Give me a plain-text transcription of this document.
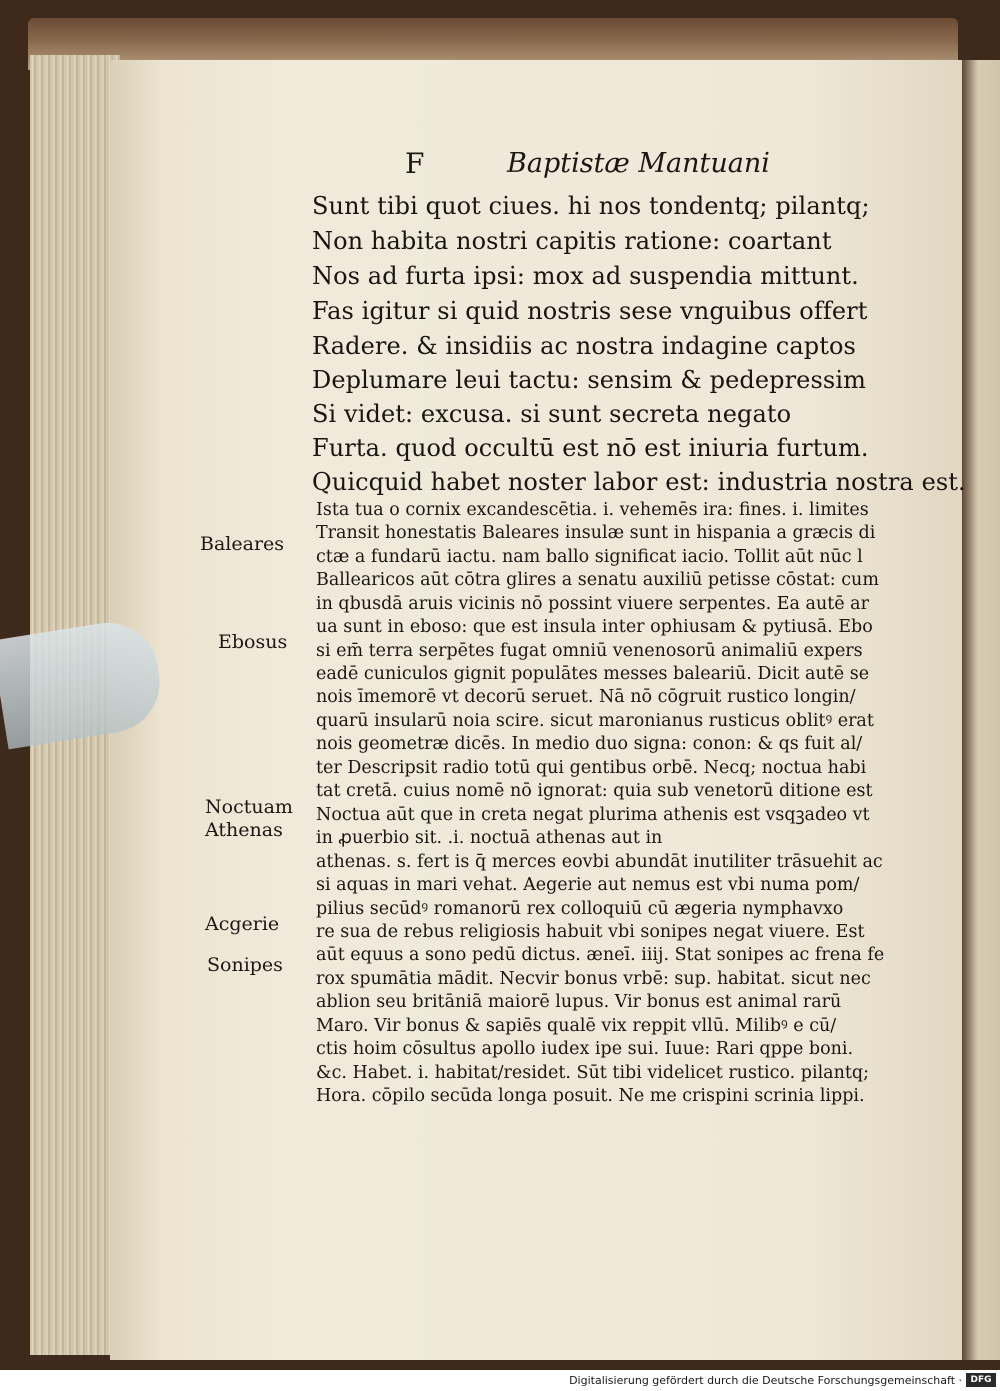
F	Baptistæ Mantuani
Sunt tibi quot ciues. hi nos tondentq; pilantq;
Non habita nostri capitis ratione: coartant
Nos ad furta ipsi: mox ad suspendia mittunt.
Fas igitur si quid nostris sese vnguibus offert
Radere. & insidiis ac nostra indagine captos
Deplumare leui tactu: sensim & pedepressim
Si videt: excusa. si sunt secreta negato
Furta. quod occultū est nō est iniuria furtum.
Quicquid habet noster labor est: industria nostra est.
Ista tua o cornix excandescētia. i. vehemēs ira: fines. i. limites
Transit honestatis Baleares insulæ sunt in hispania a græcis di
ctæ a fundarū iactu. nam ballo significat iacio. Tollit aūt nūc l
Ballearicos aūt cōtra glires a senatu auxiliū petisse cōstat: cum
in qbusdā aruis vicinis nō possint viuere serpentes. Ea autē ar
ua sunt in eboso: que est insula inter ophiusam & pytiusā. Ebo
si em̄ terra serpētes fugat omniū venenosorū animaliū expers
eadē cuniculos gignit populātes messes baleariū. Dicit autē se
nois īmemorē vt decorū seruet. Nā nō cōgruit rustico longin/
quarū insularū noia scire. sicut maronianus rusticus oblitꝰ erat
nois geometræ dicēs. In medio duo signa: conon: & qs fuit al/
ter Descripsit radio totū qui gentibus orbē. Necq; noctua habi
tat cretā. cuius nomē nō ignorat: quia sub venetorū ditione est
Noctua aūt que in creta negat plurima athenis est vsqꝫadeo vt
in ꝓuerbio sit. .i. noctuā athenas aut in
athenas. s. fert is q̄ merces eovbi abundāt inutiliter trāsuehit ac
si aquas in mari vehat. Aegerie aut nemus est vbi numa pom/
pilius secūdꝰ romanorū rex colloquiū cū ægeria nymphavxo
re sua de rebus religiosis habuit vbi sonipes negat viuere. Est
aūt equus a sono pedū dictus. æneī. iiij. Stat sonipes ac frena fe
rox spumātia mādit. Necvir bonus vrbē: sup. habitat. sicut nec
ablion seu britāniā maiorē lupus. Vir bonus est animal rarū
Maro. Vir bonus & sapiēs qualē vix reppit vllū. Milibꝰ e cū/
ctis hoim cōsultus apollo iudex ipe sui. Iuue: Rari qppe boni.
&c. Habet. i. habitat/residet. Sūt tibi videlicet rustico. pilantq;
Hora. cōpilo secūda longa posuit. Ne me crispini scrinia lippi.
Baleares
Ebosus
Noctuam
Athenas
Acgerie
Sonipes
Digitalisierung gefördert durch die Deutsche Forschungsgemeinschaft · DFG
